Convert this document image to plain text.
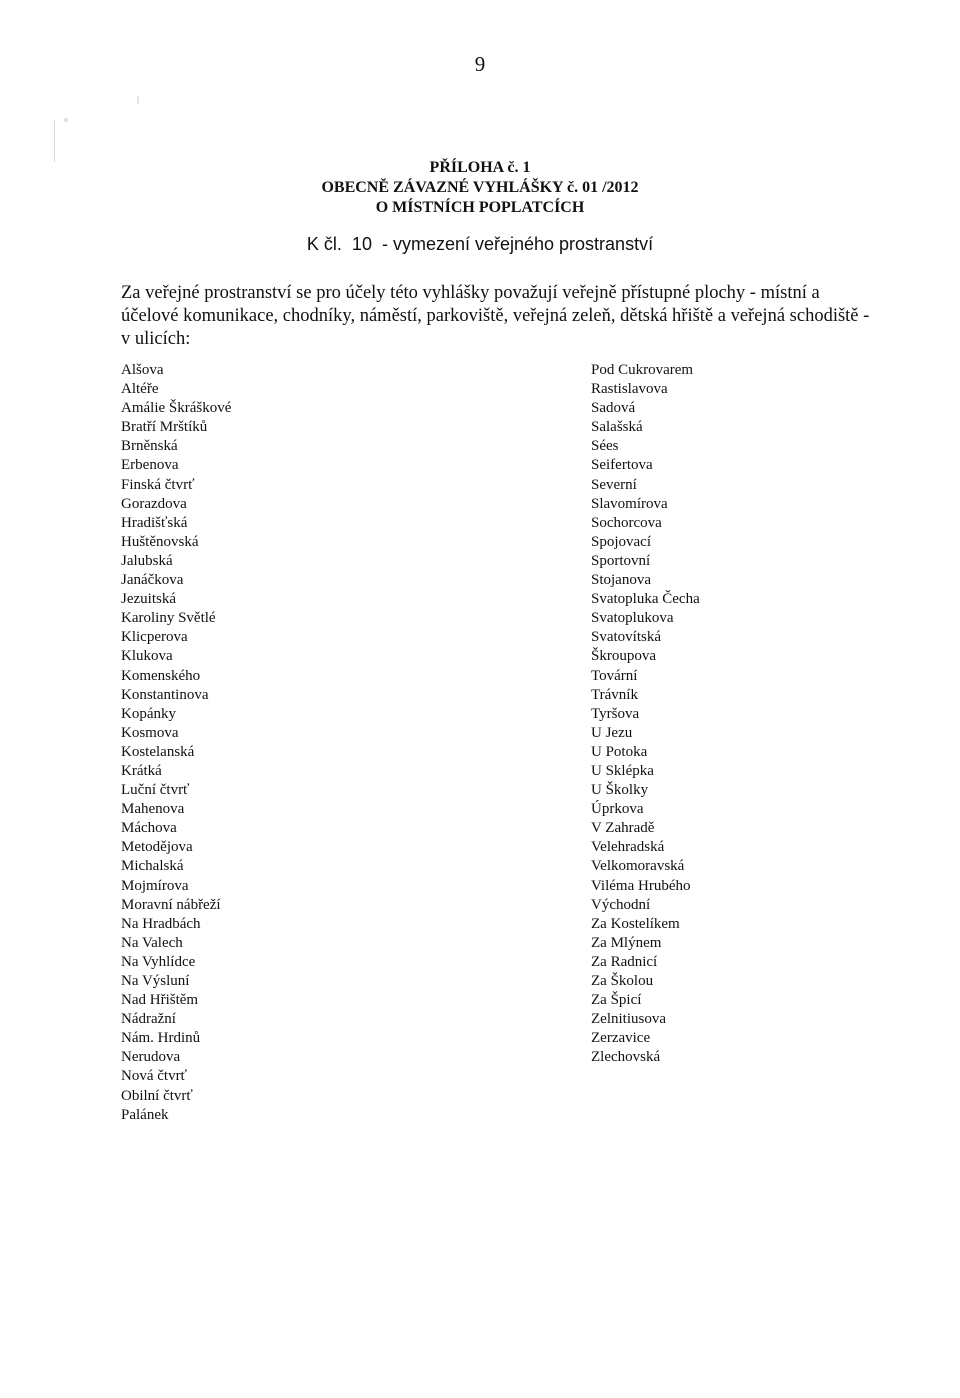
9
PŘÍLOHA č. 1
OBECNĚ ZÁVAZNÉ VYHLÁŠKY č. 01 /2012
O MÍSTNÍCH POPLATCÍCH
K čl.  10  - vymezení veřejného prostranství

Za veřejné prostranství se pro účely této vyhlášky považují veřejně přístupné plochy - místní a účelové komunikace, chodníky, náměstí, parkoviště, veřejná zeleň, dětská hřiště a veřejná schodiště - v ulicích:

Alšova
Altéře
Amálie Škráškové
Bratří Mrštíků
Brněnská
Erbenova
Finská čtvrť
Gorazdova
Hradišťská
Huštěnovská
Jalubská
Janáčkova
Jezuitská
Karoliny Světlé
Klicperova
Klukova
Komenského
Konstantinova
Kopánky
Kosmova
Kostelanská
Krátká
Luční čtvrť
Mahenova
Máchova
Metodějova
Michalská
Mojmírova
Moravní nábřeží
Na Hradbách
Na Valech
Na Vyhlídce
Na Výsluní
Nad Hřištěm
Nádražní
Nám. Hrdinů
Nerudova
Nová čtvrť
Obilní čtvrť
Palánek
Pod Cukrovarem
Rastislavova
Sadová
Salašská
Sées
Seifertova
Severní
Slavomírova
Sochorcova
Spojovací
Sportovní
Stojanova
Svatopluka Čecha
Svatoplukova
Svatovítská
Škroupova
Tovární
Trávník
Tyršova
U Jezu
U Potoka
U Sklépka
U Školky
Úprkova
V Zahradě
Velehradská
Velkomoravská
Viléma Hrubého
Východní
Za Kostelíkem
Za Mlýnem
Za Radnicí
Za Školou
Za Špicí
Zelnitiusova
Zerzavice
Zlechovská
